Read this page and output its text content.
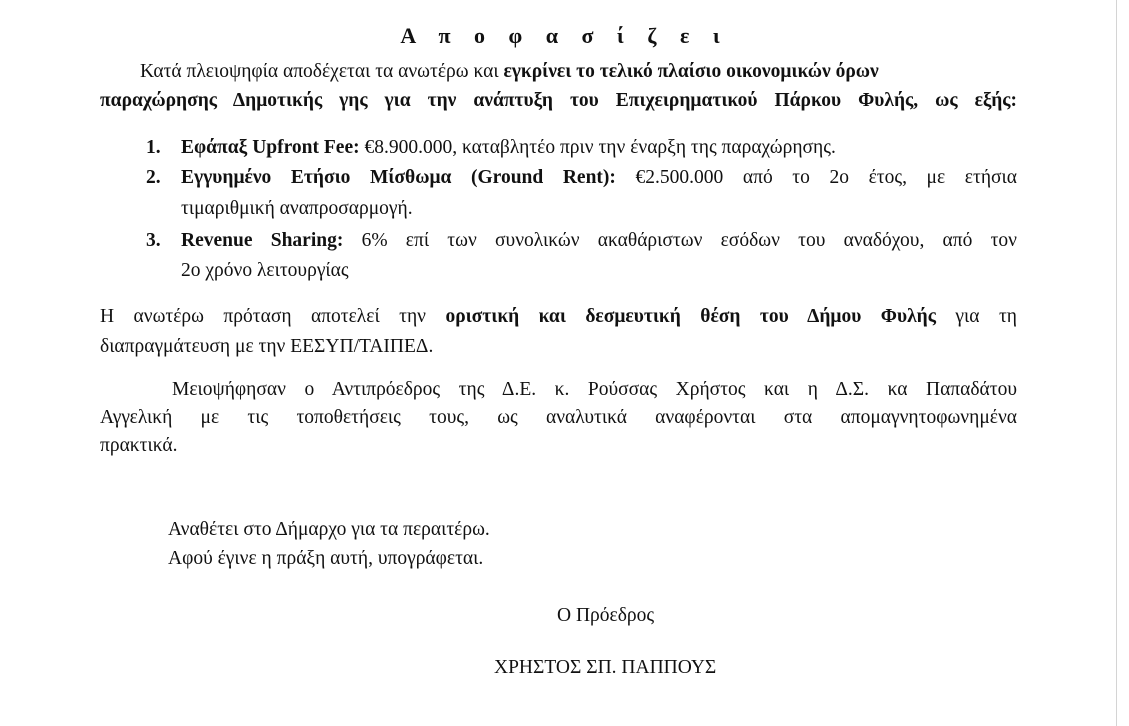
Α π ο φ α σ ί ζ ε ι
Κατά πλειοψηφία αποδέχεται τα ανωτέρω και εγκρίνει το τελικό πλαίσιο οικονομικών όρων
παραχώρησης Δημοτικής γης για την ανάπτυξη του Επιχειρηματικού Πάρκου Φυλής, ως εξής:
1. Εφάπαξ Upfront Fee: €8.900.000, καταβλητέο πριν την έναρξη της παραχώρησης.
2. Εγγυημένο Ετήσιο Μίσθωμα (Ground Rent): €2.500.000 από το 2ο έτος, με ετήσια
τιμαριθμική αναπροσαρμογή.
3. Revenue Sharing: 6% επί των συνολικών ακαθάριστων εσόδων του αναδόχου, από τον
2ο χρόνο λειτουργίας
Η ανωτέρω πρόταση αποτελεί την οριστική και δεσμευτική θέση του Δήμου Φυλής για τη
διαπραγμάτευση με την ΕΕΣΥΠ/ΤΑΙΠΕΔ.
Μειοψήφησαν ο Αντιπρόεδρος της Δ.Ε. κ. Ρούσσας Χρήστος και η Δ.Σ. κα Παπαδάτου
Αγγελική με τις τοποθετήσεις τους, ως αναλυτικά αναφέρονται στα απομαγνητοφωνημένα
πρακτικά.
Αναθέτει στο Δήμαρχο για τα περαιτέρω.
Αφού έγινε η πράξη αυτή, υπογράφεται.
Ο Πρόεδρος
ΧΡΗΣΤΟΣ ΣΠ. ΠΑΠΠΟΥΣ
